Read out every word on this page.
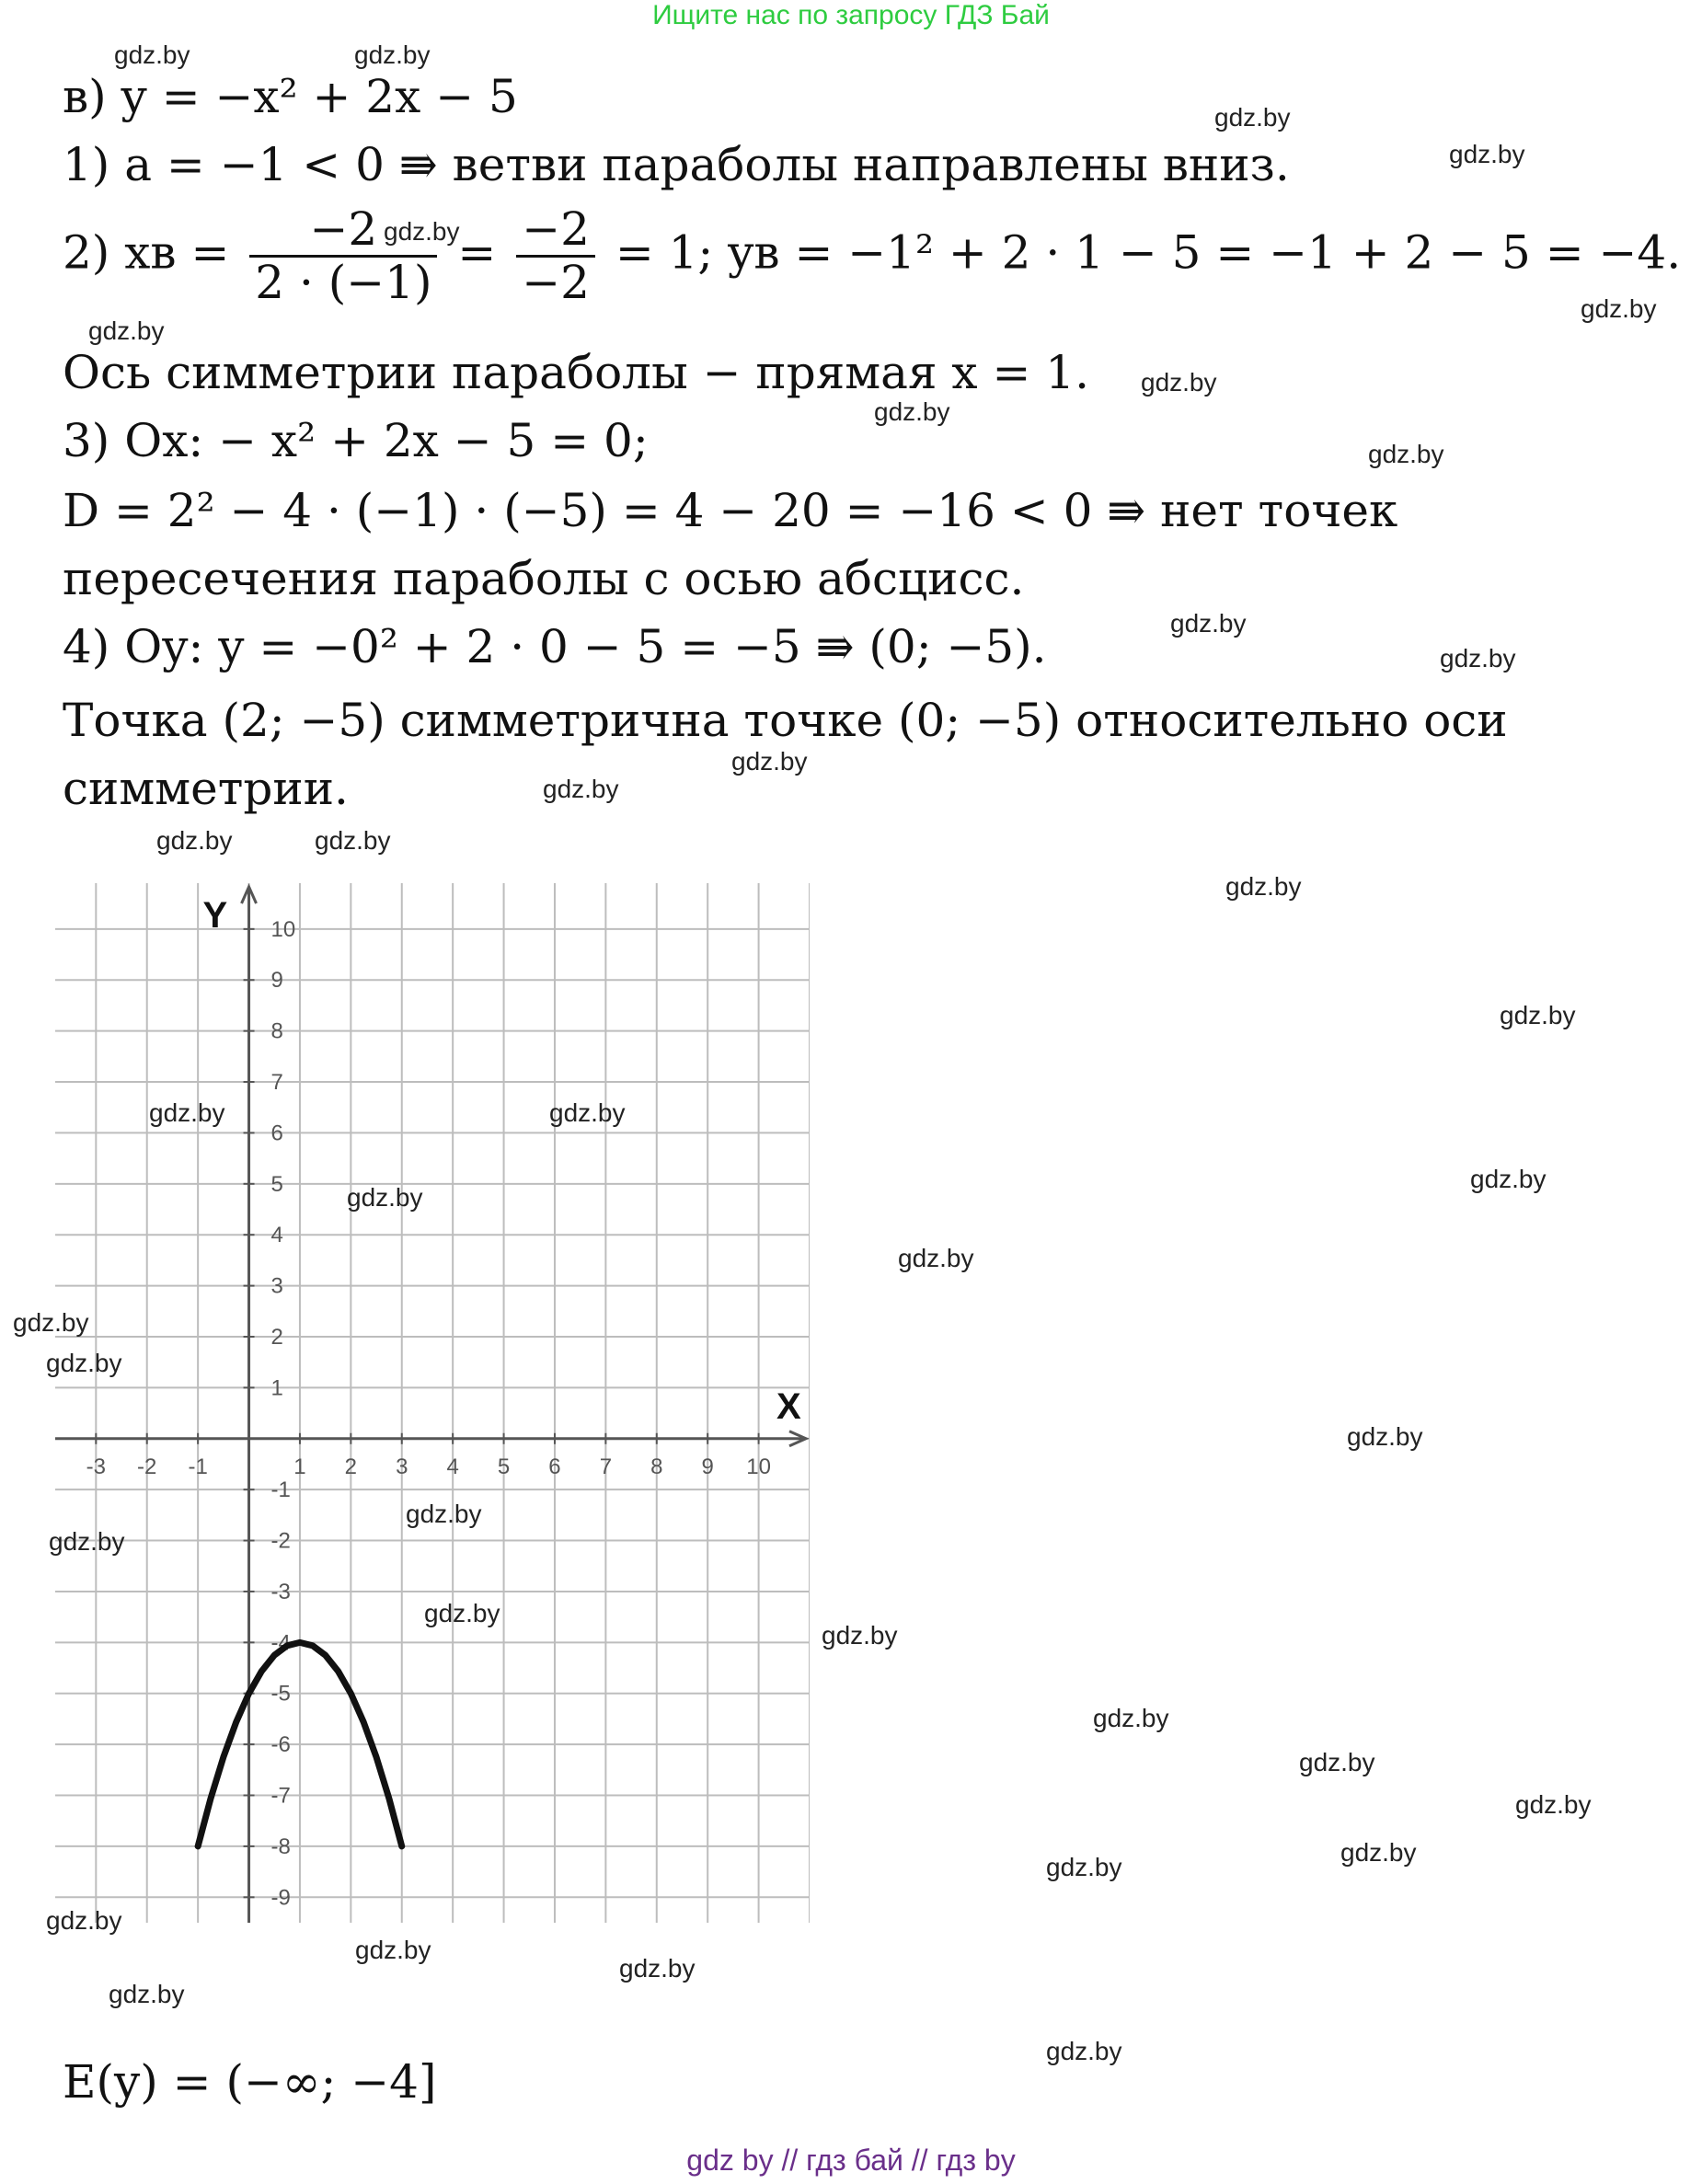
Ищите нас по запросу ГДЗ Бай
в) y = −x² + 2x − 5
1) a = −1 < 0 ⇛ ветви параболы направлены вниз.
2) xв = $\frac{-2}{2 \cdot (-1)} = \frac{-2}{-2} = 1$; yв = −1² + 2 · 1 − 5 = −1 + 2 − 5 = −4.
Ось симметрии параболы − прямая x = 1.
3) Ox: − x² + 2x − 5 = 0;
D = 2² − 4 · (−1) · (−5) = 4 − 20 = −16 < 0 ⇛ нет точек
пересечения параболы с осью абсцисс.
4) Oy: y = −0² + 2 · 0 − 5 = −5 ⇛ (0; −5).
Точка (2; −5) симметрична точке (0; −5) относительно оси
симметрии.
X
Y
-3 -2 -1	1 2 3 4 5 6 7 8 9 10
10
9
8
7
6
5
4
3
2
1
-1
-2
-3
-4
-5
-6
-7
-8
-9
E(y) = (−∞; −4]
gdz.by	gdz.by
gdz.by
gdz.by
gdz.by
gdz.by
gdz.by
gdz.by
gdz.by
gdz.by
gdz.by
gdz.by
gdz.by
gdz.by
gdz.by	gdz.by
gdz.by
gdz.by
gdz.by	gdz.by
gdz.by
gdz.by
gdz.by
gdz.by
gdz.by
gdz.by
gdz.by
gdz.by
gdz.by
gdz.by
gdz.by
gdz.by
gdz.by
gdz.by
gdz.by
gdz.by
gdz.by
gdz.by
gdz.by
gdz.by
gdz by // гдз бай // гдз by
